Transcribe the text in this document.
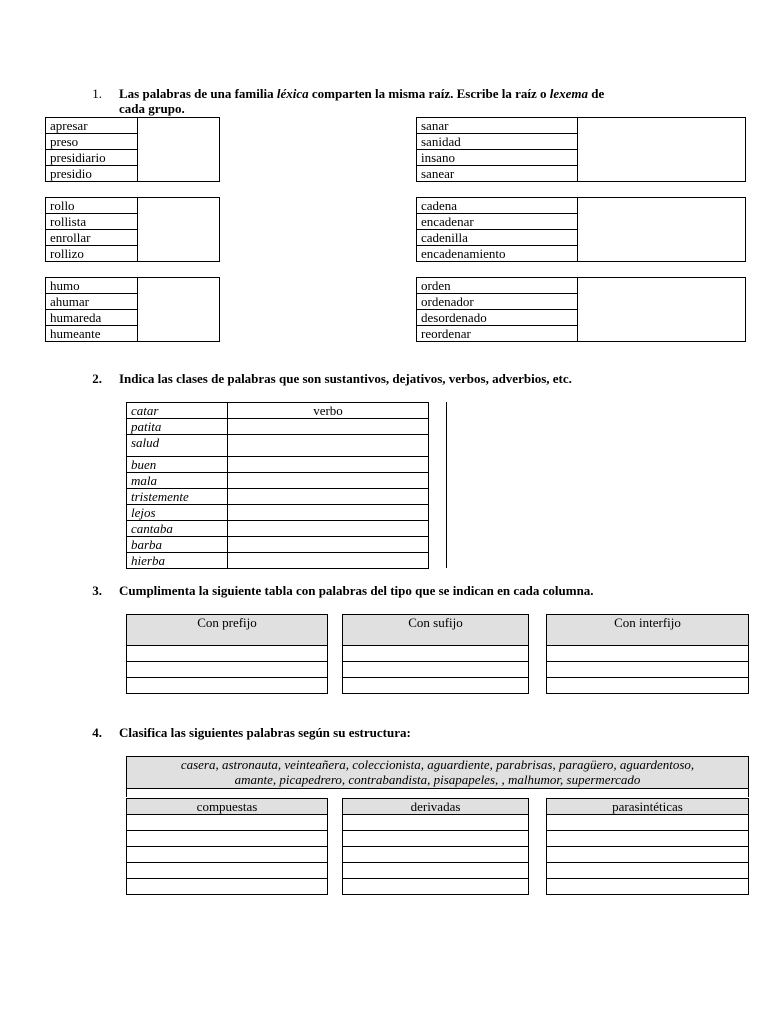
1. Las palabras de una familia léxica comparten la misma raíz. Escribe la raíz o lexema de
cada grupo.
apresar	
preso
presidiario
presidio
sanar	
sanidad
insano
sanear
rollo	
rollista
enrollar
rollizo
cadena	
encadenar
cadenilla
encadenamiento
humo	
ahumar
humareda
humeante
orden	
ordenador
desordenado
reordenar
2. Indica las clases de palabras que son sustantivos, dejativos, verbos, adverbios, etc.
catar	verbo
patita	
salud	
buen	
mala	
tristemente	
lejos	
cantaba	
barba	
hierba	
3. Cumplimenta la siguiente tabla con palabras del tipo que se indican en cada columna.
Con prefijo	Con sufijo	Con interfijo

4. Clasifica las siguientes palabras según su estructura:
casera, astronauta, veinteañera, coleccionista, aguardiente, parabrisas, paragüero, aguardentoso,
amante, picapedrero, contrabandista, pisapapeles, , malhumor, supermercado
compuestas	derivadas	parasintéticas
